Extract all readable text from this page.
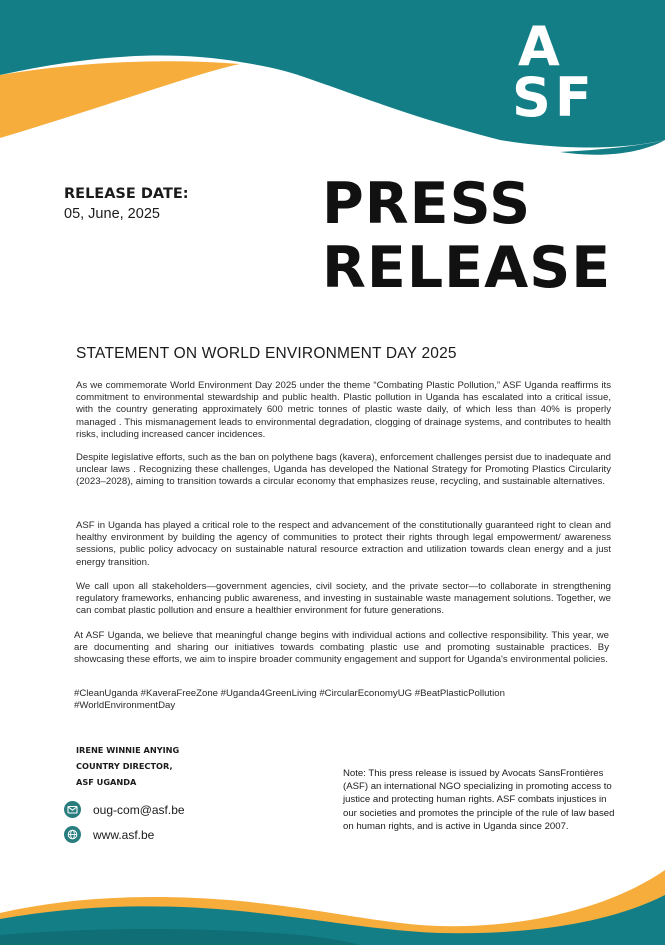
A
SF
RELEASE DATE:
05, June, 2025	PRESS
RELEASE
STATEMENT ON WORLD ENVIRONMENT DAY 2025
As we commemorate World Environment Day 2025 under the theme “Combating Plastic Pollution,” ASF Uganda reaffirms its commitment to environmental stewardship and public health. Plastic pollution in Uganda has escalated into a critical issue, with the country generating approximately 600 metric tonnes of plastic waste daily, of which less than 40% is properly managed . This mismanagement leads to environmental degradation, clogging of drainage systems, and contributes to health risks, including increased cancer incidences.
Despite legislative efforts, such as the ban on polythene bags (kavera), enforcement challenges persist due to inadequate and unclear laws . Recognizing these challenges, Uganda has developed the National Strategy for Promoting Plastics Circularity (2023–2028), aiming to transition towards a circular economy that emphasizes reuse, recycling, and sustainable alternatives.
ASF in Uganda has played a critical role to the respect and advancement of the constitutionally guaranteed right to clean and healthy environment by building the agency of communities to protect their rights through legal empowerment/ awareness sessions, public policy advocacy on sustainable natural resource extraction and utilization towards clean energy and a just energy transition.
We call upon all stakeholders—government agencies, civil society, and the private sector—to collaborate in strengthening regulatory frameworks, enhancing public awareness, and investing in sustainable waste management solutions. Together, we can combat plastic pollution and ensure a healthier environment for future generations.
At ASF Uganda, we believe that meaningful change begins with individual actions and collective responsibility. This year, we are documenting and sharing our initiatives towards combating plastic use and promoting sustainable practices. By showcasing these efforts, we aim to inspire broader community engagement and support for Uganda's environmental policies.
#CleanUganda #KaveraFreeZone #Uganda4GreenLiving #CircularEconomyUG #BeatPlasticPollution
#WorldEnvironmentDay
IRENE WINNIE ANYING
COUNTRY DIRECTOR,
ASF UGANDA
oug-com@asf.be
www.asf.be
Note: This press release is issued by Avocats SansFrontières (ASF) an international NGO specializing in promoting access to justice and protecting human rights. ASF combats injustices in our societies and promotes the principle of the rule of law based on human rights, and is active in Uganda since 2007.
